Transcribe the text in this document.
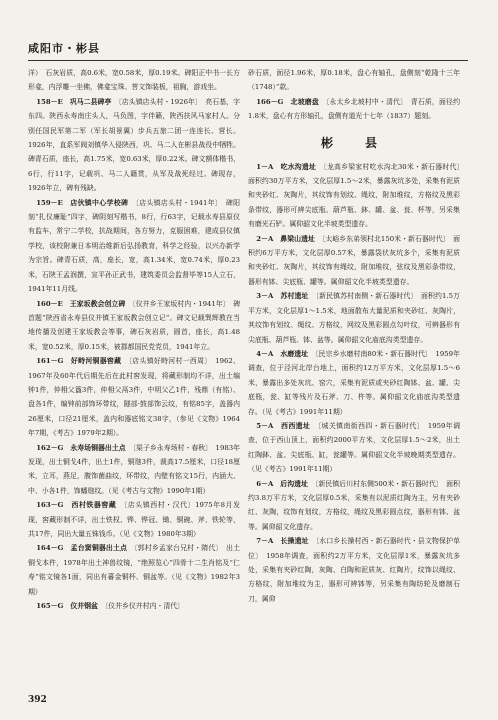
咸阳市・彬县

洋）　石灰岩质，高0.6米，宽0.58米，厚0.19米。碑阳正中书一长方形龛，内浮雕一坐佛，佛龛宝珠、菩文饰装板，祖胸，游戏坐。

158－E　巩马二县碑亭　 〔店头镇店头村・1926年〕　亮石基，字东四。陕西永寿南庄头人，马负图，字伴籁，陕西扶风马家村人。分别任国民军第二军（军长胡景翼）步兵五旅二团一连连长、营长。1926年，直系军阀刘镇华入侵陕西，巩、马二人在彬县战役中牺牲。碑青石质，座长，高1.75米，宽0.63米，厚0.22米。碑文额体楷书，6行，行11字，记载巩、马二人籍贯，从军及战死经过。碑现存，1926年立，碑有残缺。

159－E　店伙镇中心学校碑　 〔店头镇店头村・1941年〕　碑阳刻“扎仪廉耻”四字，碑阴刻写楷书，8行，行63字，记载水寿县原仪有监车，常宁二学校，抗战期间，各方努力，克服困难，建成县仪镇学校，该校附兼日本明治维新后弘扬教育，科学之经验，以兴办新学为宗旨。碑青石质，高，座长，宽，高1.34米，宽0.74米，厚0.23米，石陕王孟润撰，宣平孙正武书，建筑委员会监督毕等15人立石，1941年11月线。

160－E　王家坂教会创立碑　 〔仪井乡王家坂村内・1941年〕　碑首题“陕西省永寿县仪井镇王家坂教会创立记”。碑文记载巽辉教在当地传播及创建王家坂教会等事，碑石灰岩质，圆首，座长，高1.48米，宽0.52米，厚0.15米，被郡都国民党党员，1941年立。

161－G　好畤河铜器窖藏　 〔店头镇好畤河村一西周〕　1962、1967年及60年代后期先后在此村窖发现，将藏形制均不详，出土编钟1件，仲枏父簋3件，仲枏父鬲3件，中明父乙1件，残鼎（有铭）、盘各1件，编钟前部饰环带纹，隧部·鼓部饰云纹，有铭85字，盖器内26厘米，口径21厘米，盖内和器底铭文38字，（参见《文物》1964年7期，《考古》1979年2期）。

162－G　永寿场铜器出土点　 〔渠子乡永寿场村・春秋〕　1983年发现，出土铜戈4件，出土1件，铜虺3件，裁高17.5厘米，口径18厘米，立耳，燕足，腹饰菌曲纹，环带纹，内壁有铭文15行，内涵大、中、小各1件，饰蟠虺纹。（见《考古与文物》1990年1期）

163－G　西村铁器窖藏　 〔店头镇西村・汉代〕1975年8月发现，窖藏形制不详，出土铁权、铧、铧冠、锄、铜碗、斧、铁轮等，共17件，同出大量五铢钱币。（见《文物》1980年3期）

164－G　孟台窦铜器出土点　 〔郭村乡孟家台兄村・隋代〕　出土铜戈本件，1978年出土神兽纹镜，“绝照览心”四骨十二生肖铭及“仁寿”铭文镜各1面，同出有蕃金铜杯、铜盆等。（见《文物》1982年3期）

165－G　仪井钢盆　 〔仪井乡仪井村内・清代〕

砂石质，面径1.96米，厚0.18米，盘心有轴孔，盘侧刻“乾隆十三年（1748）”款。

166－G　北坡磨盘　 〔永太乡北坡村中・清代〕　青石质，面径约1.8米，盘心有方形轴孔，盘侧有道光十七年（1837）题刻。

彬　县

1－A　吃水沟遗址　 〔龙高乡梁家村吃水沟北30米・新石器时代〕　面积约30万平方米，文化层厚1.5～2米，暴露灰坑多处，采集有泥质和夹砂红、灰陶片，其纹饰有划纹、绳纹，附加堆纹，方格纹及黑彩条带纹，器形可辨尖底瓶、葫芦瓶、鉢、罐、盆、瓮、杯等，另采集有磨光石铲。属仰韶文化半坡类型遗存。

2－A　鼻梁山遗址　 〔太峪乡东弟领村北150米・新石器时代〕　面积约6万平方米，文化层厚0.57米，暴露袋状灰坑多个，采集有泥质和夹砂红、灰陶片，其纹饰有绳纹，附加堆纹，弦纹及黑彩条带纹，器形有钵、尖底瓶、罐等。属仰韶文化半坡类型遗存。

3－A　苏村遗址　 〔新民镇苏村南侧・新石器时代〕　面积约1.5万平方米，文化层厚1～1.5米，地面散布大量泥质和夹砂红、灰陶片，其纹饰有划纹、绳纹、方格纹，网纹及黑彩圆点勾叶纹，可辨器形有尖底瓶、葫芦瓶、钵、盆等。属仰韶文化庙底沟类型遗存。

4－A　水磨遗址　 〔民宗乡水磨村南80米・新石器时代〕　1959年调查，位于泾河北岸台地上，面积约12万平方米，文化层厚1.5～6米，暴露出多处灰坑、窑穴，采集有泥质或夹砂红陶钵、盆、罐、尖底瓶，瓮、缸等残片及石斧、刀、杵等。属仰韶文化庙底沟类型遗存。（见《考古》1991年11期）

5－A　西西遗址　 〔城关镇南街西四・新石器时代〕　1959年调查，位于西山顶上，面积约2000平方米，文化层厚1.5～2米，出土红陶鉢、盆、尖底瓶、缸，瓮罐等。属仰韶文化半坡晚期类型遗存。（见《考古》1991年11期）

6－A　后沟遗址　 〔新民镇后川村东侧500米・新石器时代〕　面积约3.8万平方米，文化层厚0.5米，采集有以泥质红陶为主，另有夹砂红、灰陶，纹饰有划纹，方格纹，绳纹及黑彩圆点纹，器形有钵、盆等。属仰韶文化遗存。

7－A　长操遗址　 〔水口乡长操村西・新石器时代・县文物保护单位〕　1958年调查，面积约2万平方米，文化层厚1米，暴露灰坑多处，采集有夹砂红陶，灰陶、白陶和泥质灰、红陶片，纹饰以绳纹、方格纹，附加堆纹为主，器形可辨钵等，另采集有陶纺轮及磨制石刀，属仰

392
